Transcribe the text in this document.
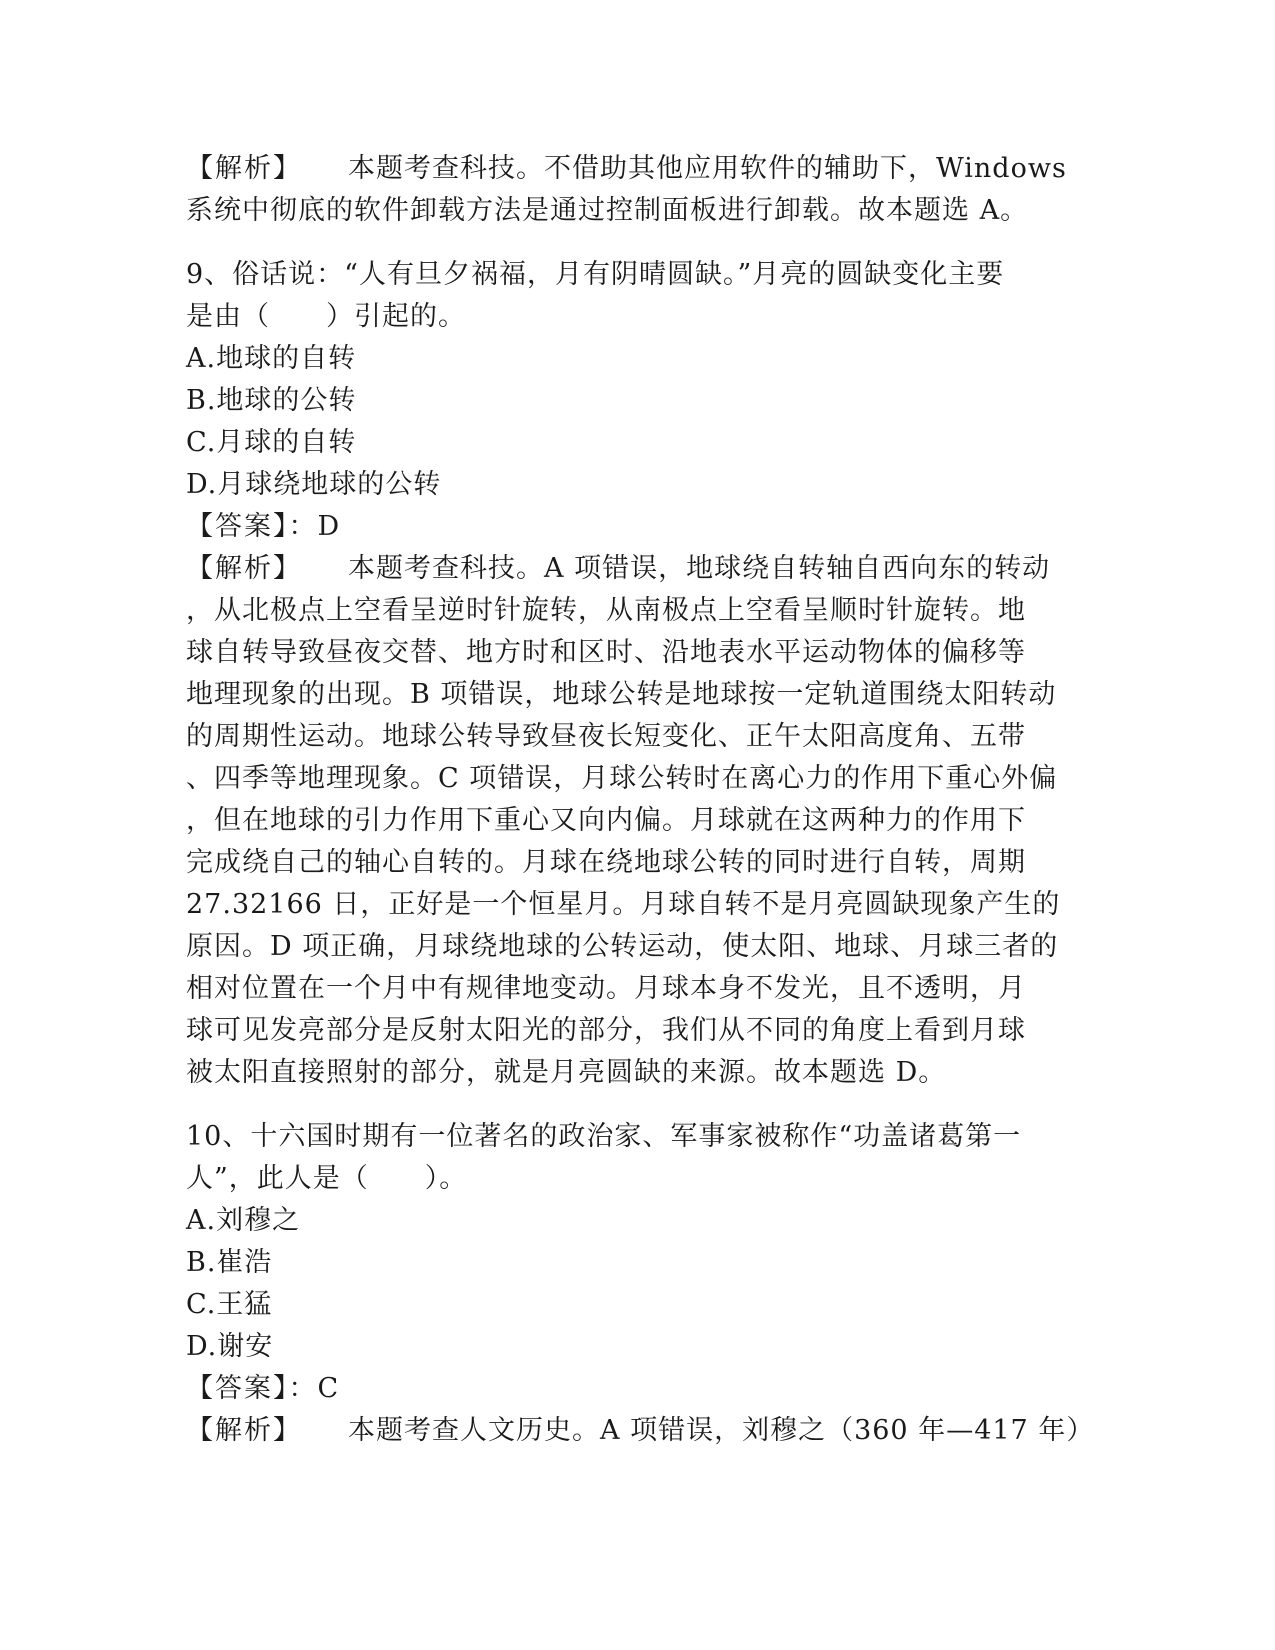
【解析】 本题考查科技。不借助其他应用软件的辅助下，Windows
系统中彻底的软件卸载方法是通过控制面板进行卸载。故本题选 A。
9、俗话说：“人有旦夕祸福，月有阴晴圆缺。”月亮的圆缺变化主要
是由（　　）引起的。
A.地球的自转
B.地球的公转
C.月球的自转
D.月球绕地球的公转
【答案】：D
【解析】 本题考查科技。A 项错误，地球绕自转轴自西向东的转动
，从北极点上空看呈逆时针旋转，从南极点上空看呈顺时针旋转。地
球自转导致昼夜交替、地方时和区时、沿地表水平运动物体的偏移等
地理现象的出现。B 项错误，地球公转是地球按一定轨道围绕太阳转动
的周期性运动。地球公转导致昼夜长短变化、正午太阳高度角、五带
、四季等地理现象。C 项错误，月球公转时在离心力的作用下重心外偏
，但在地球的引力作用下重心又向内偏。月球就在这两种力的作用下
完成绕自己的轴心自转的。月球在绕地球公转的同时进行自转，周期
27.32166 日，正好是一个恒星月。月球自转不是月亮圆缺现象产生的
原因。D 项正确，月球绕地球的公转运动，使太阳、地球、月球三者的
相对位置在一个月中有规律地变动。月球本身不发光，且不透明，月
球可见发亮部分是反射太阳光的部分，我们从不同的角度上看到月球
被太阳直接照射的部分，就是月亮圆缺的来源。故本题选 D。
10、十六国时期有一位著名的政治家、军事家被称作“功盖诸葛第一
人”，此人是（　　）。
A.刘穆之
B.崔浩
C.王猛
D.谢安
【答案】：C
【解析】 本题考查人文历史。A 项错误，刘穆之（360 年—417 年）
